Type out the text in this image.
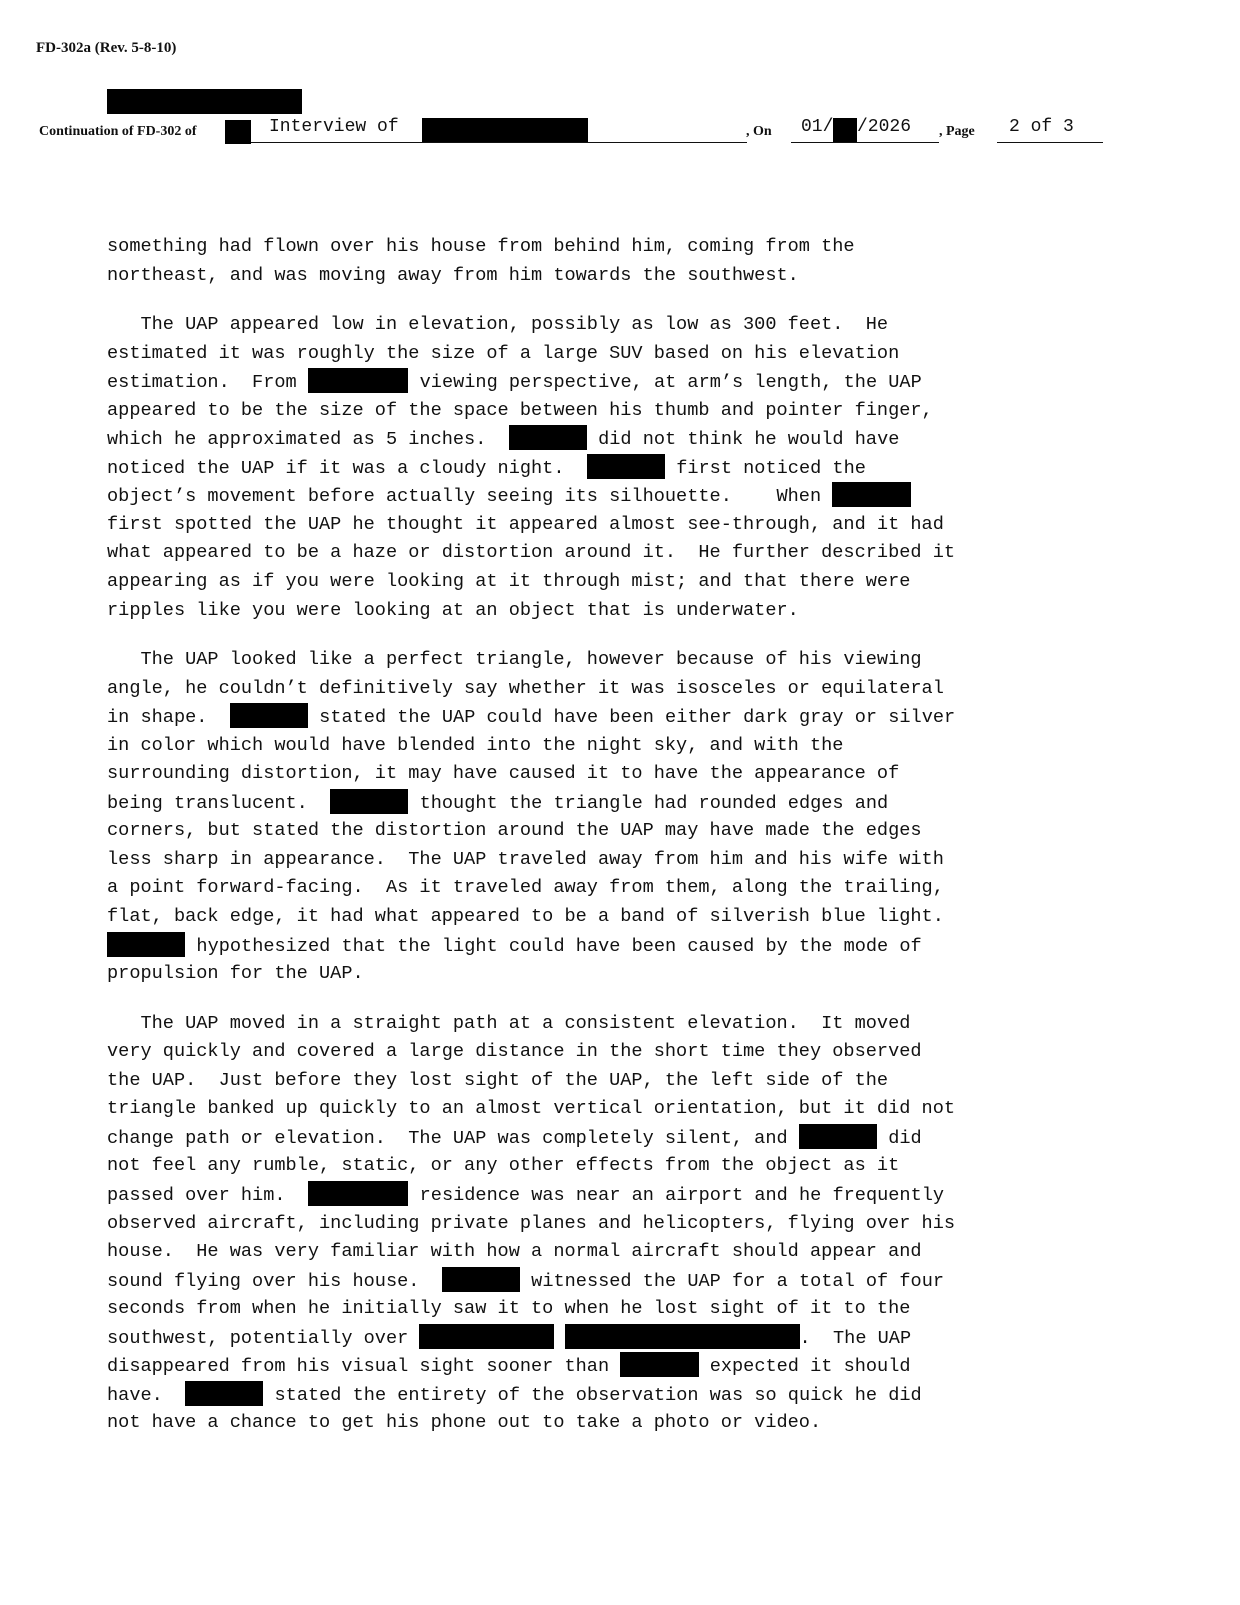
FD-302a (Rev. 5-8-10)
Continuation of FD-302 of	Interview of	, On 01/ /2026 , Page 2 of 3
something had flown over his house from behind him, coming from the
northeast, and was moving away from him towards the southwest.
The UAP appeared low in elevation, possibly as low as 300 feet.  He
estimated it was roughly the size of a large SUV based on his elevation
estimation.  From	viewing perspective, at arm’s length, the UAP
appeared to be the size of the space between his thumb and pointer finger,
which he approximated as 5 inches.	did not think he would have
noticed the UAP if it was a cloudy night.	first noticed the
object’s movement before actually seeing its silhouette.    When
first spotted the UAP he thought it appeared almost see-through, and it had
what appeared to be a haze or distortion around it.  He further described it
appearing as if you were looking at it through mist; and that there were
ripples like you were looking at an object that is underwater.
The UAP looked like a perfect triangle, however because of his viewing
angle, he couldn’t definitively say whether it was isosceles or equilateral
in shape.	stated the UAP could have been either dark gray or silver
in color which would have blended into the night sky, and with the
surrounding distortion, it may have caused it to have the appearance of
being translucent.	thought the triangle had rounded edges and
corners, but stated the distortion around the UAP may have made the edges
less sharp in appearance.  The UAP traveled away from him and his wife with
a point forward-facing.  As it traveled away from them, along the trailing,
flat, back edge, it had what appeared to be a band of silverish blue light.
hypothesized that the light could have been caused by the mode of
propulsion for the UAP.
The UAP moved in a straight path at a consistent elevation.  It moved
very quickly and covered a large distance in the short time they observed
the UAP.  Just before they lost sight of the UAP, the left side of the
triangle banked up quickly to an almost vertical orientation, but it did not
change path or elevation.  The UAP was completely silent, and	did
not feel any rumble, static, or any other effects from the object as it
passed over him.	residence was near an airport and he frequently
observed aircraft, including private planes and helicopters, flying over his
house.  He was very familiar with how a normal aircraft should appear and
sound flying over his house.	witnessed the UAP for a total of four
seconds from when he initially saw it to when he lost sight of it to the
southwest, potentially over	.  The UAP
disappeared from his visual sight sooner than	expected it should
have.	stated the entirety of the observation was so quick he did
not have a chance to get his phone out to take a photo or video.
